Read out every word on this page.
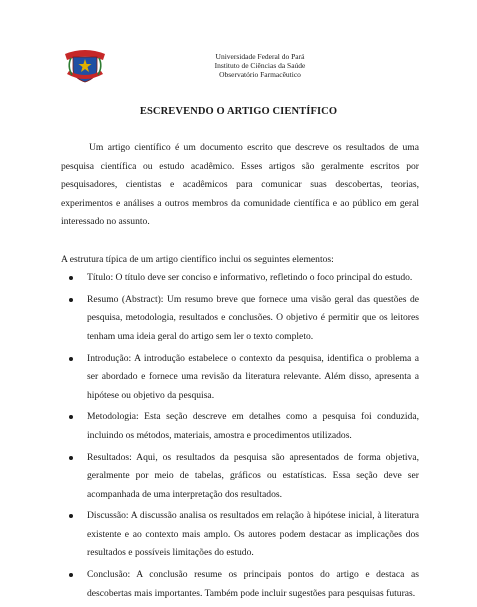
Universidade Federal do Pará
Instituto de Ciências da Saúde
Observatório Farmacêutico
ESCREVENDO O ARTIGO CIENTÍFICO

Um artigo científico é um documento escrito que descreve os resultados de uma pesquisa científica ou estudo acadêmico. Esses artigos são geralmente escritos por pesquisadores, cientistas e acadêmicos para comunicar suas descobertas, teorias, experimentos e análises a outros membros da comunidade científica e ao público em geral interessado no assunto.

A estrutura típica de um artigo científico inclui os seguintes elementos:

Título: O título deve ser conciso e informativo, refletindo o foco principal do estudo.
Resumo (Abstract): Um resumo breve que fornece uma visão geral das questões de pesquisa, metodologia, resultados e conclusões. O objetivo é permitir que os leitores tenham uma ideia geral do artigo sem ler o texto completo.
Introdução: A introdução estabelece o contexto da pesquisa, identifica o problema a ser abordado e fornece uma revisão da literatura relevante. Além disso, apresenta a hipótese ou objetivo da pesquisa.
Metodologia: Esta seção descreve em detalhes como a pesquisa foi conduzida, incluindo os métodos, materiais, amostra e procedimentos utilizados.
Resultados: Aqui, os resultados da pesquisa são apresentados de forma objetiva, geralmente por meio de tabelas, gráficos ou estatísticas. Essa seção deve ser acompanhada de uma interpretação dos resultados.
Discussão: A discussão analisa os resultados em relação à hipótese inicial, à literatura existente e ao contexto mais amplo. Os autores podem destacar as implicações dos resultados e possíveis limitações do estudo.
Conclusão: A conclusão resume os principais pontos do artigo e destaca as descobertas mais importantes. Também pode incluir sugestões para pesquisas futuras.
